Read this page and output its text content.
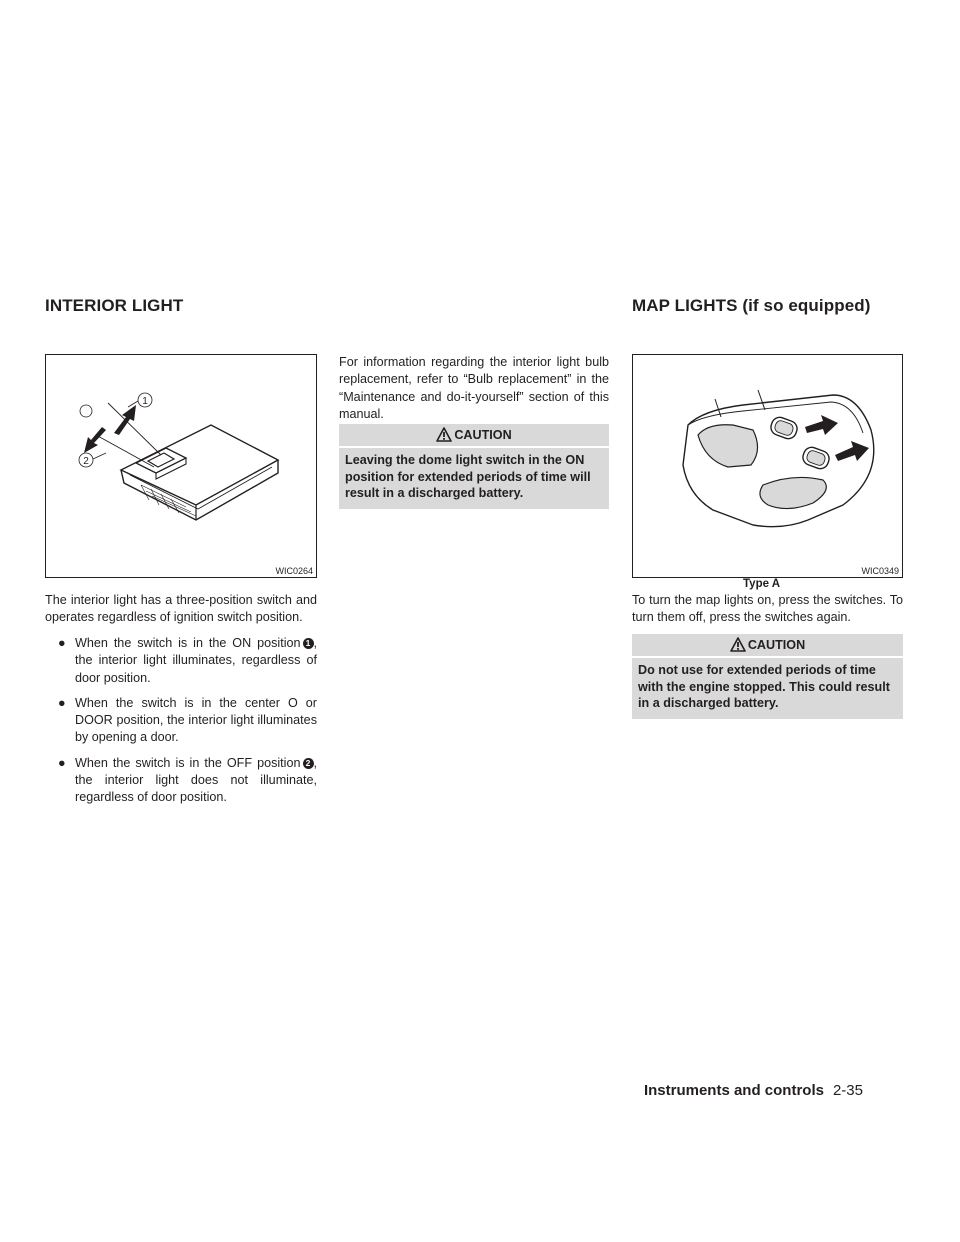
INTERIOR LIGHT	MAP LIGHTS (if so equipped)
1
2
WIC0264
The interior light has a three-position switch and operates regardless of ignition switch position.
● When the switch is in the ON position 1 , the interior light illuminates, regardless of door position.
● When the switch is in the center O or DOOR position, the interior light illuminates by opening a door.
● When the switch is in the OFF position 2 , the interior light does not illuminate, regardless of door position.
For information regarding the interior light bulb replacement, refer to “Bulb replacement” in the “Maintenance and do-it-yourself” section of this manual.
CAUTION
Leaving the dome light switch in the ON position for extended periods of time will result in a discharged battery.
WIC0349
Type A
To turn the map lights on, press the switches. To turn them off, press the switches again.
CAUTION
Do not use for extended periods of time with the engine stopped. This could result in a discharged battery.
Instruments and controls 2-35
